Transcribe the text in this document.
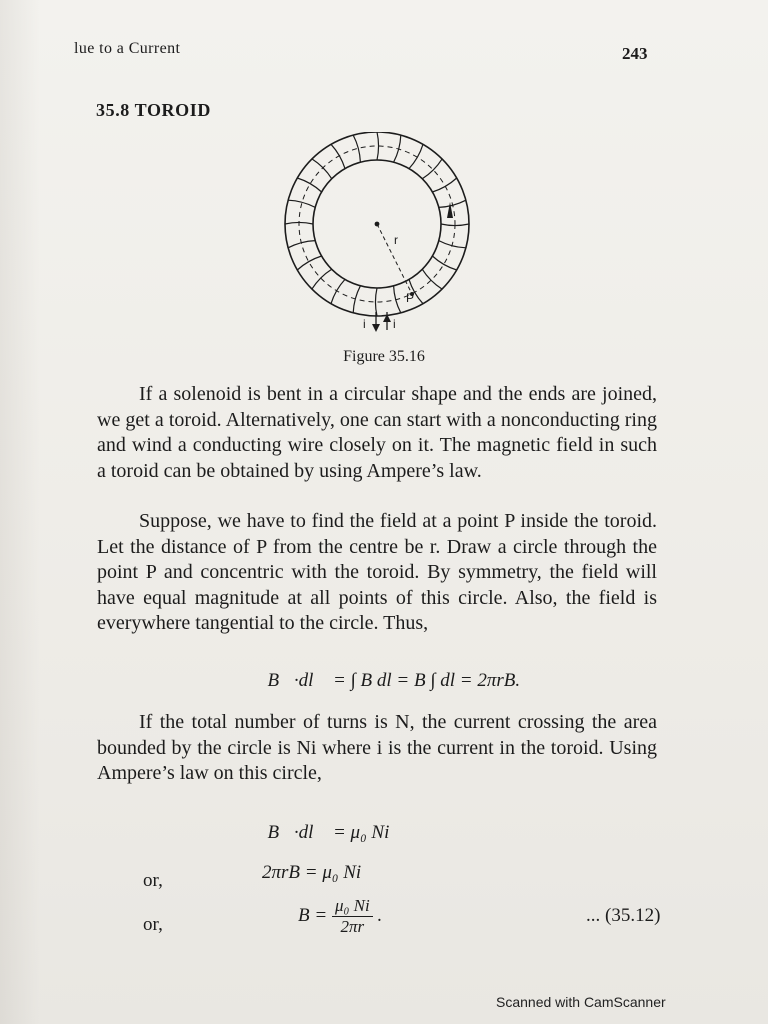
lue to a Current	243
35.8 TOROID
r
P
i i
Figure 35.16
If a solenoid is bent in a circular shape and the ends are joined, we get a toroid. Alternatively, one can start with a nonconducting ring and wind a conducting wire closely on it. The magnetic field in such a toroid can be obtained by using Ampere’s law.
Suppose, we have to find the field at a point P inside the toroid. Let the distance of P from the centre be r. Draw a circle through the point P and concentric with the toroid. By symmetry, the field will have equal magnitude at all points of this circle. Also, the field is everywhere tangential to the circle. Thus,
∮ B⃗·dl⃗ = ∫ B dl = B ∫ dl = 2πrB.
If the total number of turns is N, the current crossing the area bounded by the circle is Ni where i is the current in the toroid. Using Ampere’s law on this circle,
∮ B⃗·dl⃗ = μ₀ Ni
or,	2πrB = μ₀ Ni
or,	$B = \frac{\text{μ₀ Ni}}{2\pi r}$ .	... (35.12)
Scanned with CamScanner
